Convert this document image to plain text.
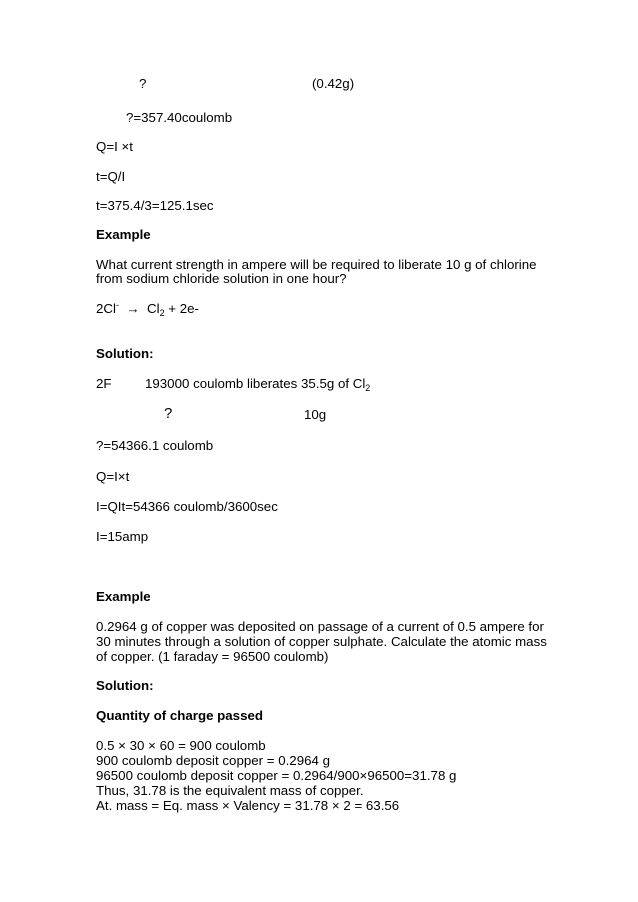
?	(0.42g)
?=357.40coulomb
Q=I ×t
t=Q/I
t=375.4/3=125.1sec
Example
What current strength in ampere will be required to liberate 10 g of chlorine
from sodium chloride solution in one hour?
$2Cl^- \to Cl_2 + 2e-$
Solution:
2F	193000 coulomb liberates 35.5g of $Cl_2$
?	10g
?=54366.1 coulomb
Q=I×t
I=QIt=54366 coulomb/3600sec
I=15amp
Example
0.2964 g of copper was deposited on passage of a current of 0.5 ampere for
30 minutes through a solution of copper sulphate. Calculate the atomic mass
of copper. (1 faraday = 96500 coulomb)
Solution:
Quantity of charge passed
0.5 × 30 × 60 = 900 coulomb
900 coulomb deposit copper = 0.2964 g
96500 coulomb deposit copper = 0.2964/900×96500=31.78 g
Thus, 31.78 is the equivalent mass of copper.
At. mass = Eq. mass × Valency = 31.78 × 2 = 63.56
